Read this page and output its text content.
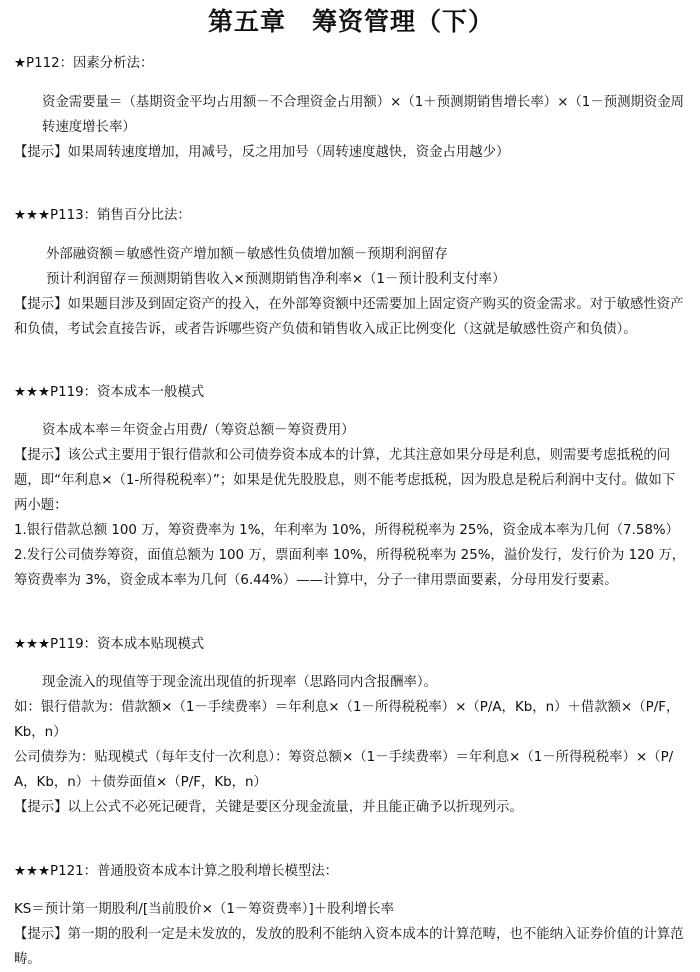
第五章　筹资管理（下）

★P112：因素分析法：

资金需要量＝（基期资金平均占用额－不合理资金占用额）×（1＋预测期销售增长率）×（1－预测期资金周转速度增长率）

【提示】如果周转速度增加，用减号，反之用加号（周转速度越快，资金占用越少）

★★★P113：销售百分比法：

外部融资额＝敏感性资产增加额－敏感性负债增加额－预期利润留存

预计利润留存＝预测期销售收入×预测期销售净利率×（1－预计股利支付率）

【提示】如果题目涉及到固定资产的投入，在外部筹资额中还需要加上固定资产购买的资金需求。对于敏感性资产和负债，考试会直接告诉，或者告诉哪些资产负债和销售收入成正比例变化（这就是敏感性资产和负债）。

★★★P119：资本成本一般模式

资本成本率＝年资金占用费/（筹资总额－筹资费用）

【提示】该公式主要用于银行借款和公司债券资本成本的计算，尤其注意如果分母是利息，则需要考虑抵税的问题，即“年利息×（1-所得税税率）”；如果是优先股股息，则不能考虑抵税，因为股息是税后利润中支付。做如下两小题：

1.银行借款总额 100 万，筹资费率为 1%，年利率为 10%，所得税税率为 25%，资金成本率为几何（7.58%）

2.发行公司债券筹资，面值总额为 100 万，票面利率 10%，所得税税率为 25%，溢价发行，发行价为 120 万，筹资费率为 3%，资金成本率为几何（6.44%）——计算中，分子一律用票面要素，分母用发行要素。

★★★P119：资本成本贴现模式

现金流入的现值等于现金流出现值的折现率（思路同内含报酬率）。

如：银行借款为：借款额×（1－手续费率）＝年利息×（1－所得税税率）×（P/A，Kb，n）＋借款额×（P/F，Kb，n）

公司债券为：贴现模式（每年支付一次利息）：筹资总额×（1－手续费率）＝年利息×（1－所得税税率）×（P/A，Kb，n）＋债券面值×（P/F，Kb，n）

【提示】以上公式不必死记硬背，关键是要区分现金流量，并且能正确予以折现列示。

★★★P121：普通股资本成本计算之股利增长模型法：

KS＝预计第一期股利/[当前股价×（1－筹资费率）]＋股利增长率

【提示】第一期的股利一定是未发放的，发放的股利不能纳入资本成本的计算范畴，也不能纳入证券价值的计算范畴。
